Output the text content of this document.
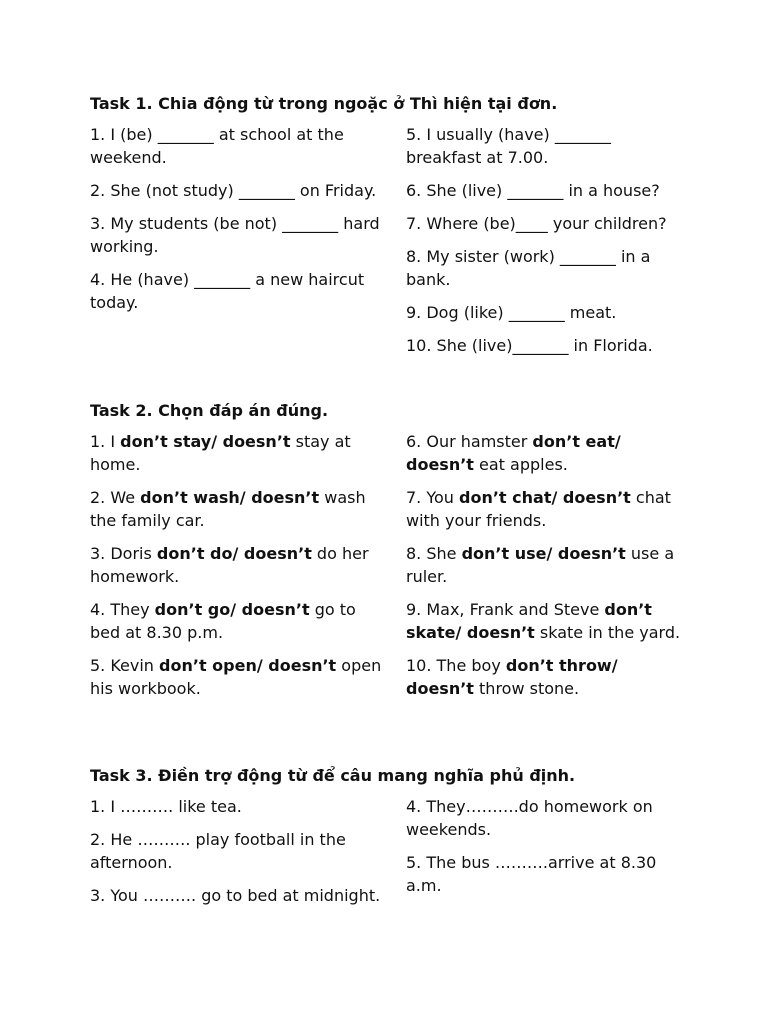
Task 1. Chia động từ trong ngoặc ở Thì hiện tại đơn.

1. I (be) _______ at school at the weekend.

2. She (not study) _______ on Friday.

3. My students (be not) _______ hard working.

4. He (have) _______ a new haircut today.

5. I usually (have) _______ breakfast at 7.00.

6. She (live) _______ in a house?

7. Where (be)____ your children?

8. My sister (work) _______ in a bank.

9. Dog (like) _______ meat.

10. She (live)_______ in Florida.

Task 2. Chọn đáp án đúng.

1. I don’t stay/ doesn’t stay at home.

2. We don’t wash/ doesn’t wash the family car.

3. Doris don’t do/ doesn’t do her homework.

4. They don’t go/ doesn’t go to bed at 8.30 p.m.

5. Kevin don’t open/ doesn’t open his workbook.

6. Our hamster don’t eat/ doesn’t eat apples.

7. You don’t chat/ doesn’t chat with your friends.

8. She don’t use/ doesn’t use a ruler.

9. Max, Frank and Steve don’t skate/ doesn’t skate in the yard.

10. The boy don’t throw/ doesn’t throw stone.

Task 3. Điền trợ động từ để câu mang nghĩa phủ định.

1. I ………. like tea.

2. He ………. play football in the afternoon.

3. You ………. go to bed at midnight.

4. They……….do homework on weekends.

5. The bus ……….arrive at 8.30 a.m.
